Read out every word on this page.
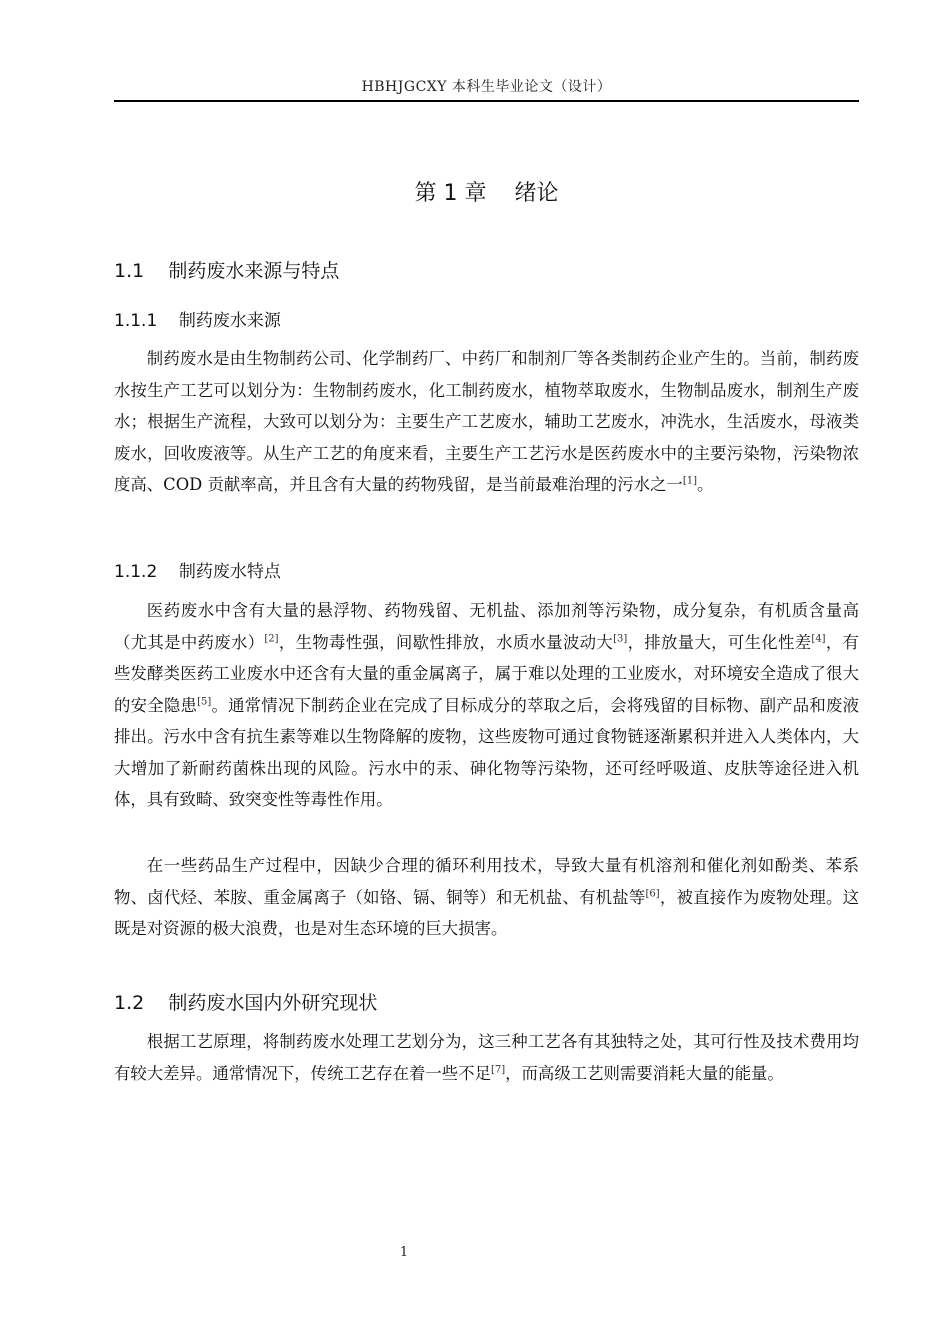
HBHJGCXY 本科生毕业论文（设计）
第 1 章    绪论
1.1    制药废水来源与特点
1.1.1    制药废水来源

制药废水是由生物制药公司、化学制药厂、中药厂和制剂厂等各类制药企业产生的。当前，制药废水按生产工艺可以划分为：生物制药废水，化工制药废水，植物萃取废水，生物制品废水，制剂生产废水；根据生产流程，大致可以划分为：主要生产工艺废水，辅助工艺废水，冲洗水，生活废水，母液类废水，回收废液等。从生产工艺的角度来看，主要生产工艺污水是医药废水中的主要污染物，污染物浓度高、COD 贡献率高，并且含有大量的药物残留，是当前最难治理的污水之一[1]。

1.1.2    制药废水特点

医药废水中含有大量的悬浮物、药物残留、无机盐、添加剂等污染物，成分复杂，有机质含量高（尤其是中药废水）[2]，生物毒性强，间歇性排放，水质水量波动大[3]，排放量大，可生化性差[4]，有些发酵类医药工业废水中还含有大量的重金属离子，属于难以处理的工业废水，对环境安全造成了很大的安全隐患[5]。通常情况下制药企业在完成了目标成分的萃取之后，会将残留的目标物、副产品和废液排出。污水中含有抗生素等难以生物降解的废物，这些废物可通过食物链逐渐累积并进入人类体内，大大增加了新耐药菌株出现的风险。污水中的汞、砷化物等污染物，还可经呼吸道、皮肤等途径进入机体，具有致畸、致突变性等毒性作用。

在一些药品生产过程中，因缺少合理的循环利用技术，导致大量有机溶剂和催化剂如酚类、苯系物、卤代烃、苯胺、重金属离子（如铬、镉、铜等）和无机盐、有机盐等[6]，被直接作为废物处理。这既是对资源的极大浪费，也是对生态环境的巨大损害。

1.2    制药废水国内外研究现状

根据工艺原理，将制药废水处理工艺划分为，这三种工艺各有其独特之处，其可行性及技术费用均有较大差异。通常情况下，传统工艺存在着一些不足[7]，而高级工艺则需要消耗大量的能量。

1
